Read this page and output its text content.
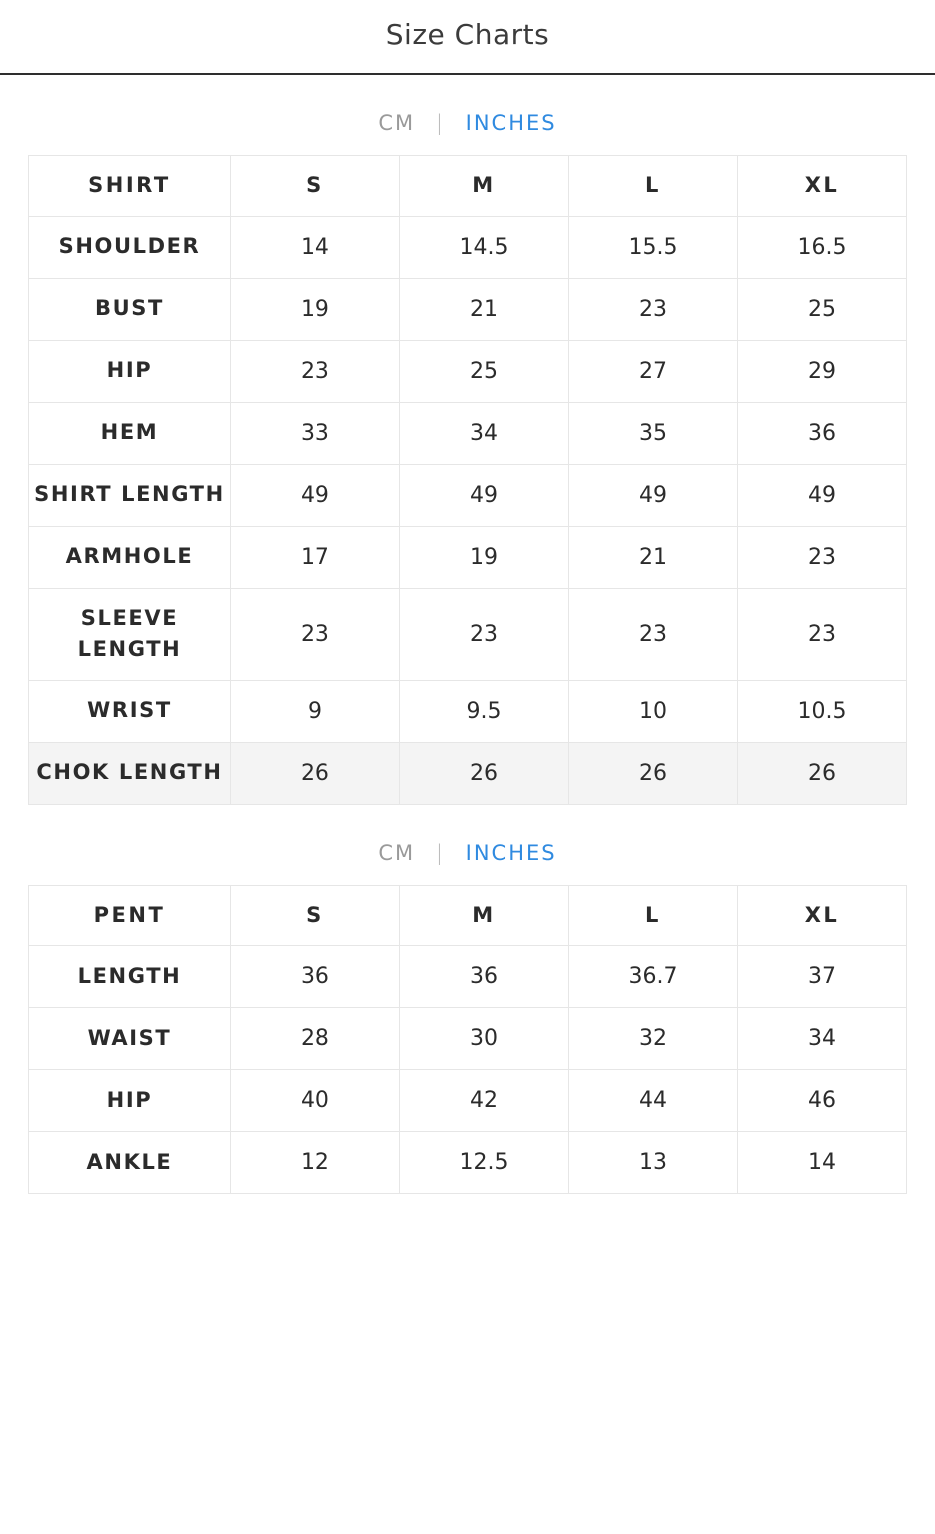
Size Charts
CM | INCHES
SHIRT	S	M	L	XL
SHOULDER	14	14.5	15.5	16.5
BUST	19	21	23	25
HIP	23	25	27	29
HEM	33	34	35	36
SHIRT LENGTH	49	49	49	49
ARMHOLE	17	19	21	23
SLEEVE LENGTH	23	23	23	23
WRIST	9	9.5	10	10.5
CHOK LENGTH	26	26	26	26
CM | INCHES
PENT	S	M	L	XL
LENGTH	36	36	36.7	37
WAIST	28	30	32	34
HIP	40	42	44	46
ANKLE	12	12.5	13	14
